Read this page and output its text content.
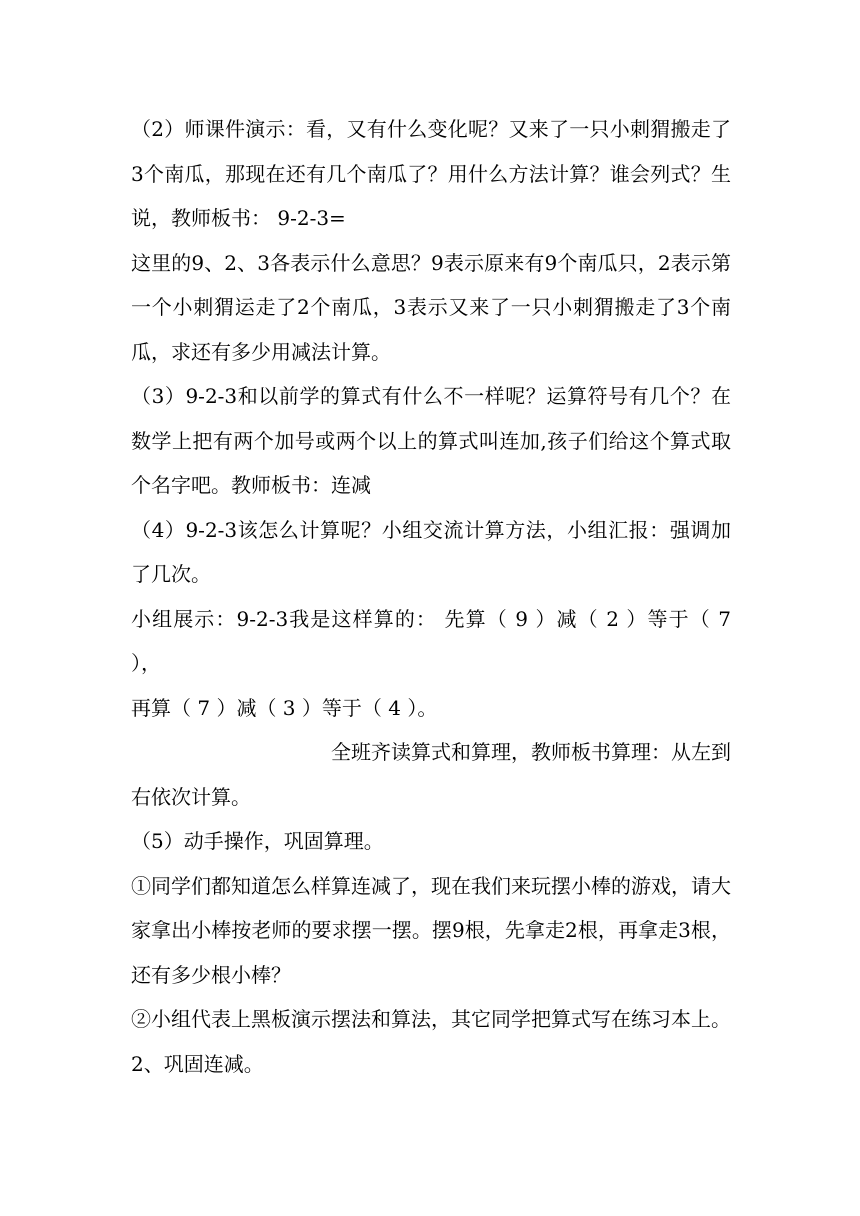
（2）师课件演示：看，又有什么变化呢？又来了一只小刺猬搬走了3个南瓜，那现在还有几个南瓜了？用什么方法计算？谁会列式？生说，教师板书： 9-2-3=

这里的9、2、3各表示什么意思？9表示原来有9个南瓜只，2表示第一个小刺猬运走了2个南瓜，3表示又来了一只小刺猬搬走了3个南瓜，求还有多少用减法计算。

（3）9-2-3和以前学的算式有什么不一样呢？运算符号有几个？在数学上把有两个加号或两个以上的算式叫连加,孩子们给这个算式取个名字吧。教师板书：连减

（4）9-2-3该怎么计算呢？小组交流计算方法，小组汇报：强调加了几次。

小组展示：9-2-3我是这样算的： 先算（ 9 ）减（ 2 ）等于（ 7 ），

再算（ 7 ）减（ 3 ）等于（ 4 ）。

全班齐读算式和算理，教师板书算理：从左到

右依次计算。

（5）动手操作，巩固算理。

①同学们都知道怎么样算连减了，现在我们来玩摆小棒的游戏，请大家拿出小棒按老师的要求摆一摆。摆9根，先拿走2根，再拿走3根，还有多少根小棒？

②小组代表上黑板演示摆法和算法，其它同学把算式写在练习本上。

2、巩固连减。
